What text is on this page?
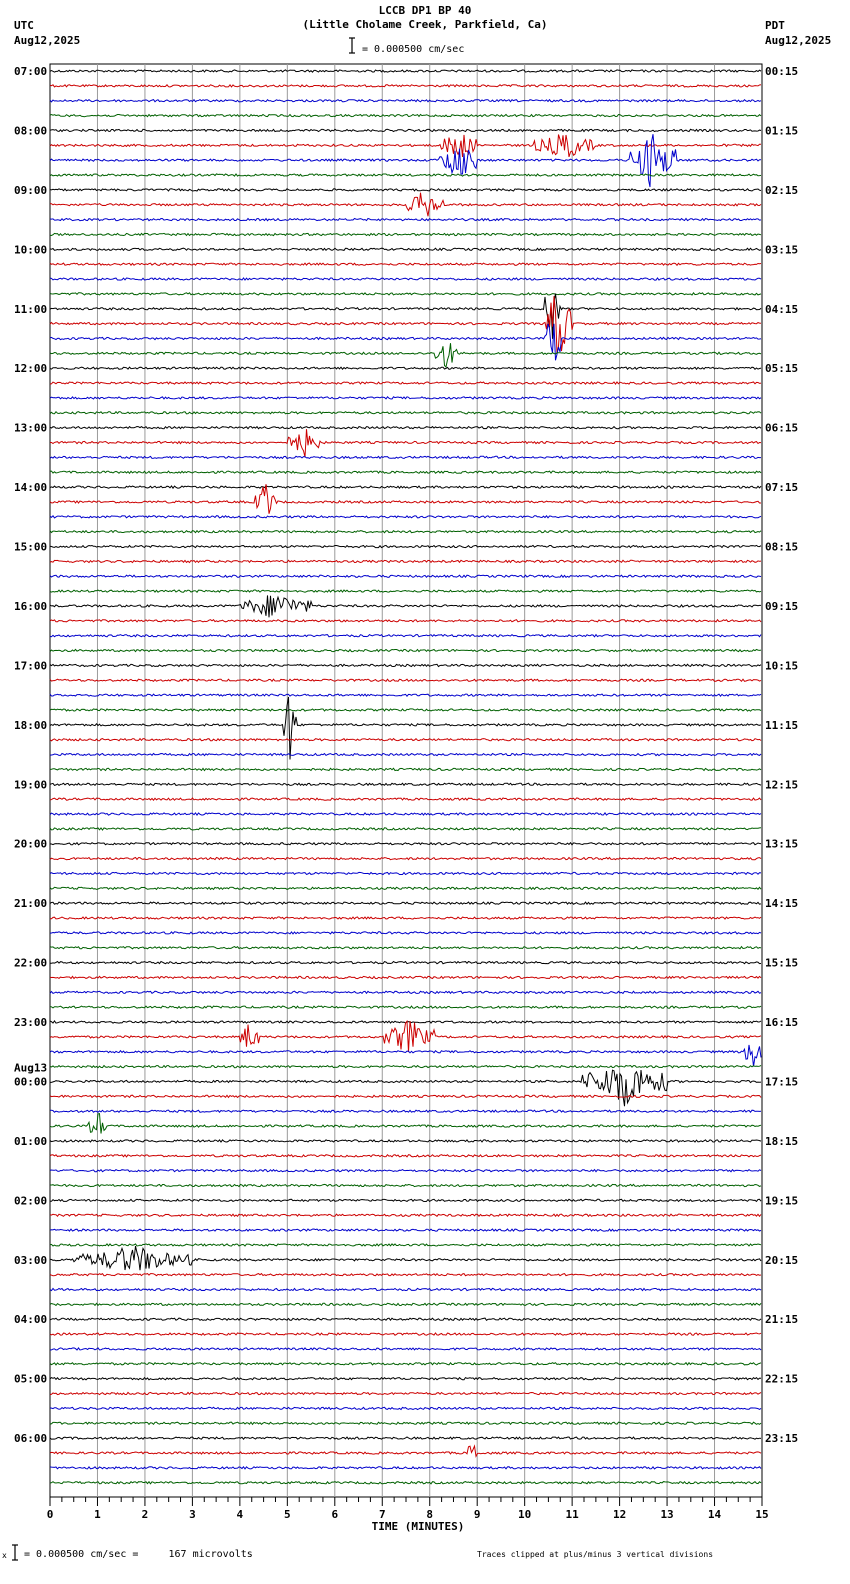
LCCB DP1 BP 40
(Little Cholame Creek, Parkfield, Ca)
UTC
Aug12,2025
PDT
Aug12,2025
= 0.000500 cm/sec
x = 0.000500 cm/sec =     167 microvolts	Traces clipped at plus/minus 3 vertical divisions
0	1	2	3	4	5	6	7	8	9	10	11	12	13	14	15
TIME (MINUTES)
07:00	00:15
08:00	01:15
09:00	02:15
10:00	03:15
11:00	04:15
12:00	05:15
13:00	06:15
14:00	07:15
15:00	08:15
16:00	09:15
17:00	10:15
18:00	11:15
19:00	12:15
20:00	13:15
21:00	14:15
22:00	15:15
23:00	16:15
00:00	17:15
01:00	18:15
02:00	19:15
03:00	20:15
04:00	21:15
05:00	22:15
06:00	23:15
Aug13
